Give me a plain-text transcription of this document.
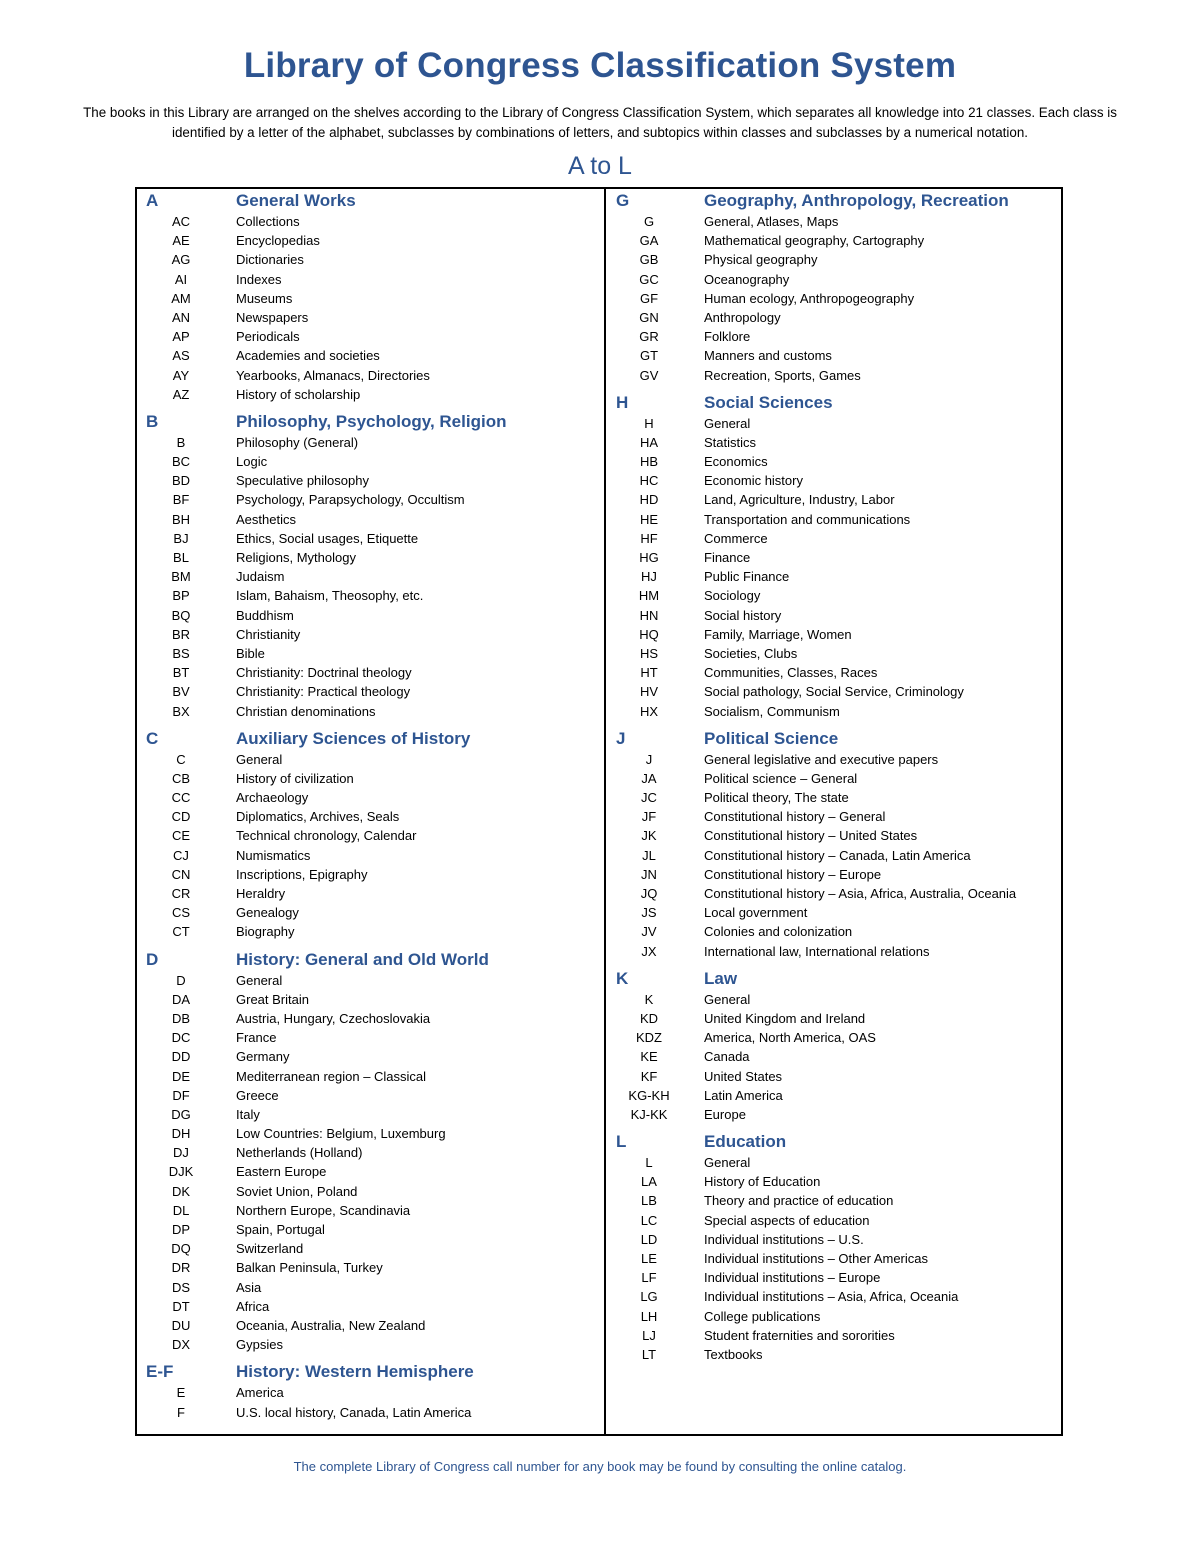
Library of Congress Classification System
The books in this Library are arranged on the shelves according to the Library of Congress Classification System, which separates all knowledge into 21 classes. Each class is identified by a letter of the alphabet, subclasses by combinations of letters, and subtopics within classes and subclasses by a numerical notation.
A to L
A	General Works
AC	Collections
AE	Encyclopedias
AG	Dictionaries
AI	Indexes
AM	Museums
AN	Newspapers
AP	Periodicals
AS	Academies and societies
AY	Yearbooks, Almanacs, Directories
AZ	History of scholarship
B	Philosophy, Psychology, Religion
B	Philosophy (General)
BC	Logic
BD	Speculative philosophy
BF	Psychology, Parapsychology, Occultism
BH	Aesthetics
BJ	Ethics, Social usages, Etiquette
BL	Religions, Mythology
BM	Judaism
BP	Islam, Bahaism, Theosophy, etc.
BQ	Buddhism
BR	Christianity
BS	Bible
BT	Christianity: Doctrinal theology
BV	Christianity: Practical theology
BX	Christian denominations
C	Auxiliary Sciences of History
C	General
CB	History of civilization
CC	Archaeology
CD	Diplomatics, Archives, Seals
CE	Technical chronology, Calendar
CJ	Numismatics
CN	Inscriptions, Epigraphy
CR	Heraldry
CS	Genealogy
CT	Biography
D	History: General and Old World
D	General
DA	Great Britain
DB	Austria, Hungary, Czechoslovakia
DC	France
DD	Germany
DE	Mediterranean region – Classical
DF	Greece
DG	Italy
DH	Low Countries: Belgium, Luxemburg
DJ	Netherlands (Holland)
DJK	Eastern Europe
DK	Soviet Union, Poland
DL	Northern Europe, Scandinavia
DP	Spain, Portugal
DQ	Switzerland
DR	Balkan Peninsula, Turkey
DS	Asia
DT	Africa
DU	Oceania, Australia, New Zealand
DX	Gypsies
E-F	History: Western Hemisphere
E	America
F	U.S. local history, Canada, Latin America
G	Geography, Anthropology, Recreation
G	General, Atlases, Maps
GA	Mathematical geography, Cartography
GB	Physical geography
GC	Oceanography
GF	Human ecology, Anthropogeography
GN	Anthropology
GR	Folklore
GT	Manners and customs
GV	Recreation, Sports, Games
H	Social Sciences
H	General
HA	Statistics
HB	Economics
HC	Economic history
HD	Land, Agriculture, Industry, Labor
HE	Transportation and communications
HF	Commerce
HG	Finance
HJ	Public Finance
HM	Sociology
HN	Social history
HQ	Family, Marriage, Women
HS	Societies, Clubs
HT	Communities, Classes, Races
HV	Social pathology, Social Service, Criminology
HX	Socialism, Communism
J	Political Science
J	General legislative and executive papers
JA	Political science – General
JC	Political theory, The state
JF	Constitutional history – General
JK	Constitutional history – United States
JL	Constitutional history – Canada, Latin America
JN	Constitutional history – Europe
JQ	Constitutional history – Asia, Africa, Australia, Oceania
JS	Local government
JV	Colonies and colonization
JX	International law, International relations
K	Law
K	General
KD	United Kingdom and Ireland
KDZ	America, North America, OAS
KE	Canada
KF	United States
KG-KH	Latin America
KJ-KK	Europe
L	Education
L	General
LA	History of Education
LB	Theory and practice of education
LC	Special aspects of education
LD	Individual institutions – U.S.
LE	Individual institutions – Other Americas
LF	Individual institutions – Europe
LG	Individual institutions – Asia, Africa, Oceania
LH	College publications
LJ	Student fraternities and sororities
LT	Textbooks
The complete Library of Congress call number for any book may be found by consulting the online catalog.
